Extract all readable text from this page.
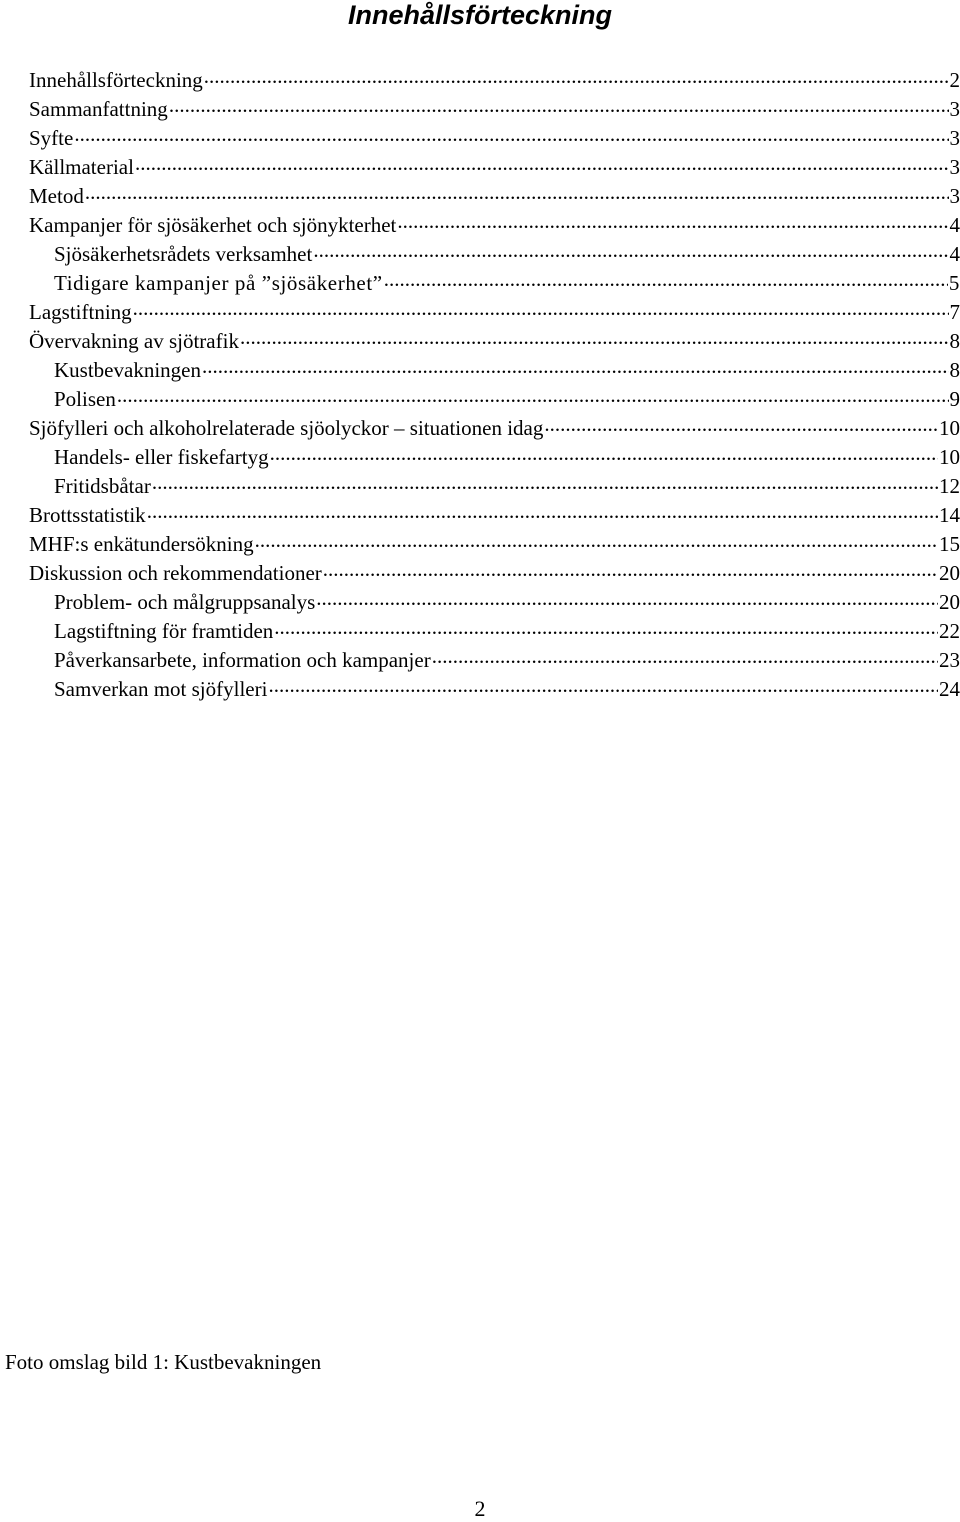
Innehållsförteckning
Innehållsförteckning .....	2
Sammanfattning .....	3
Syfte .....	3
Källmaterial .....	3
Metod .....	3
Kampanjer för sjösäkerhet och sjönykterhet .....	4
Sjösäkerhetsrådets verksamhet .....	4
Tidigare kampanjer på ”sjösäkerhet” .....	5
Lagstiftning .....	7
Övervakning av sjötrafik .....	8
Kustbevakningen .....	8
Polisen .....	9
Sjöfylleri och alkoholrelaterade sjöolyckor – situationen idag .....	10
Handels- eller fiskefartyg .....	10
Fritidsbåtar .....	12
Brottsstatistik .....	14
MHF:s enkätundersökning .....	15
Diskussion och rekommendationer .....	20
Problem- och målgruppsanalys .....	20
Lagstiftning för framtiden .....	22
Påverkansarbete, information och kampanjer .....	23
Samverkan mot sjöfylleri .....	24
Foto omslag bild 1: Kustbevakningen
2
